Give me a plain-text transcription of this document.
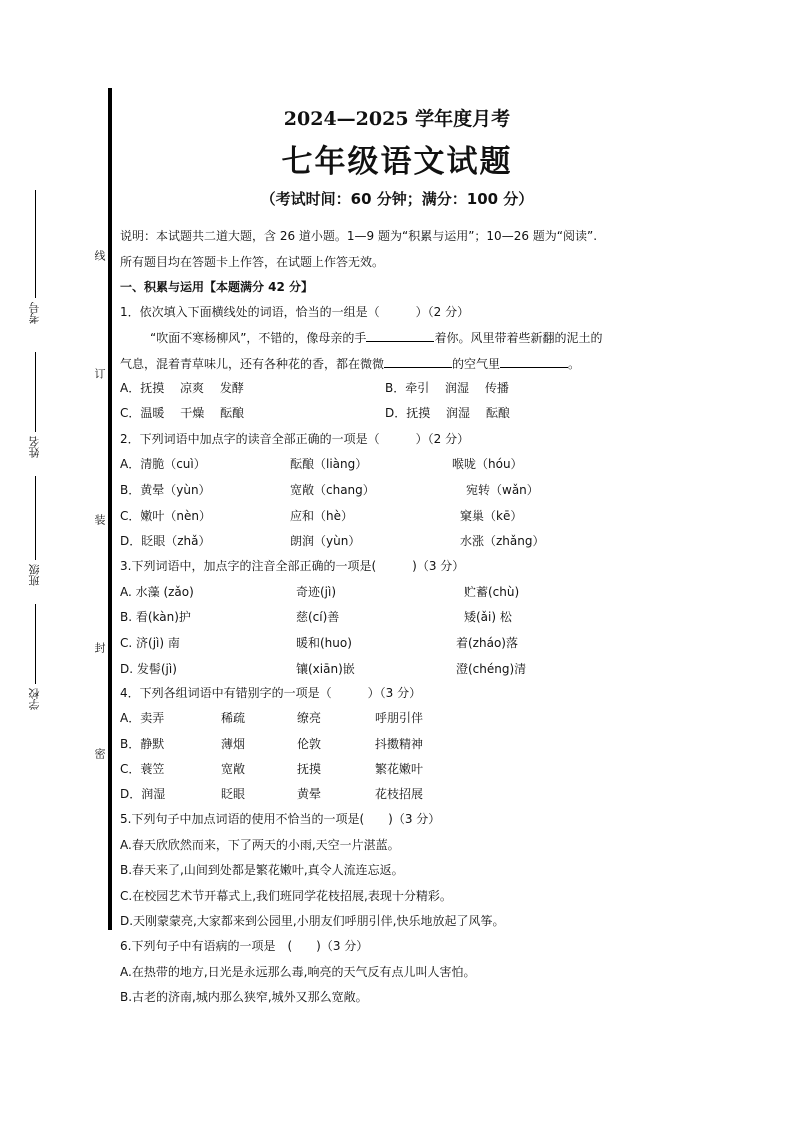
考号
姓名
班级
学校
线
订
装
封
密
2024—2025 学年度月考
七年级语文试题
（考试时间：60 分钟；满分：100 分）
说明：本试题共二道大题，含 26 道小题。1—9 题为“积累与运用”；10—26 题为“阅读”.
所有题目均在答题卡上作答，在试题上作答无效。
一、积累与运用【本题满分 42 分】
1．依次填入下面横线处的词语，恰当的一组是（　　　）（2 分）
“吹面不寒杨柳风”，不错的，像母亲的手	着你。风里带着些新翻的泥土的
气息，混着青草味儿，还有各种花的香，都在微微	的空气里	。
A．抚摸　 凉爽　 发酵	B．牵引　 润湿　 传播
C．温暖　 干燥　 酝酿	D．抚摸　 润湿　 酝酿
2．下列词语中加点字的读音全部正确的一项是（　　　）（2 分）
A．清脆（cuì）	酝酿（liàng）	喉咙（hóu）
B．黄晕（yùn）	宽敞（chang）	宛转（wǎn）
C．嫩叶（nèn）	应和（hè）	窠巢（kē）
D．眨眼（zhǎ）	朗润（yùn）	水涨（zhǎng）
3.下列词语中，加点字的注音全部正确的一项是(　　　)（3 分）
A. 水藻 (zǎo)	奇迹(jì)	贮蓄(chù)
B. 看(kàn)护	慈(cí)善	矮(ǎi) 松
C. 济(jì) 南	暖和(huo)	着(zháo)落
D. 发髻(jì)	镶(xiān)嵌	澄(chéng)清
4．下列各组词语中有错别字的一项是（　　　）（3 分）
A．卖弄	稀疏	缭亮	呼朋引伴
B．静默	薄烟	伦敦	抖擞精神
C．蓑笠	宽敞	抚摸	繁花嫩叶
D．润湿	眨眼	黄晕	花枝招展
5.下列句子中加点词语的使用不恰当的一项是(　　)（3 分）
A.春天欣欣然而来，下了两天的小雨,天空一片湛蓝。
B.春天来了,山间到处都是繁花嫩叶,真令人流连忘返。
C.在校园艺术节开幕式上,我们班同学花枝招展,表现十分精彩。
D.天刚蒙蒙亮,大家都来到公园里,小朋友们呼朋引伴,快乐地放起了风筝。
6.下列句子中有语病的一项是　(　　)（3 分）
A.在热带的地方,日光是永远那么毒,响亮的天气反有点儿叫人害怕。
B.古老的济南,城内那么狭窄,城外又那么宽敞。
